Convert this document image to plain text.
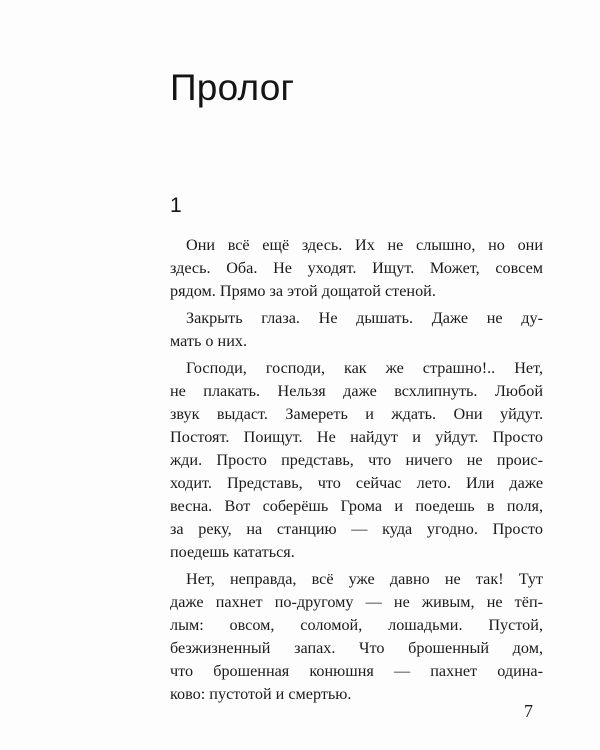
Пролог
1
Они всё ещё здесь. Их не слышно, но они
здесь. Оба. Не уходят. Ищут. Может, совсем
рядом. Прямо за этой дощатой стеной.
Закрыть глаза. Не дышать. Даже не ду-
мать о них.
Господи, господи, как же страшно!.. Нет,
не плакать. Нельзя даже всхлипнуть. Любой
звук выдаст. Замереть и ждать. Они уйдут.
Постоят. Поищут. Не найдут и уйдут. Просто
жди. Просто представь, что ничего не проис-
ходит. Представь, что сейчас лето. Или даже
весна. Вот соберёшь Грома и поедешь в поля,
за реку, на станцию — куда угодно. Просто
поедешь кататься.
Нет, неправда, всё уже давно не так! Тут
даже пахнет по-другому — не живым, не тёп-
лым: овсом, соломой, лошадьми. Пустой,
безжизненный запах. Что брошенный дом,
что брошенная конюшня — пахнет одина-
ково: пустотой и смертью.
7
